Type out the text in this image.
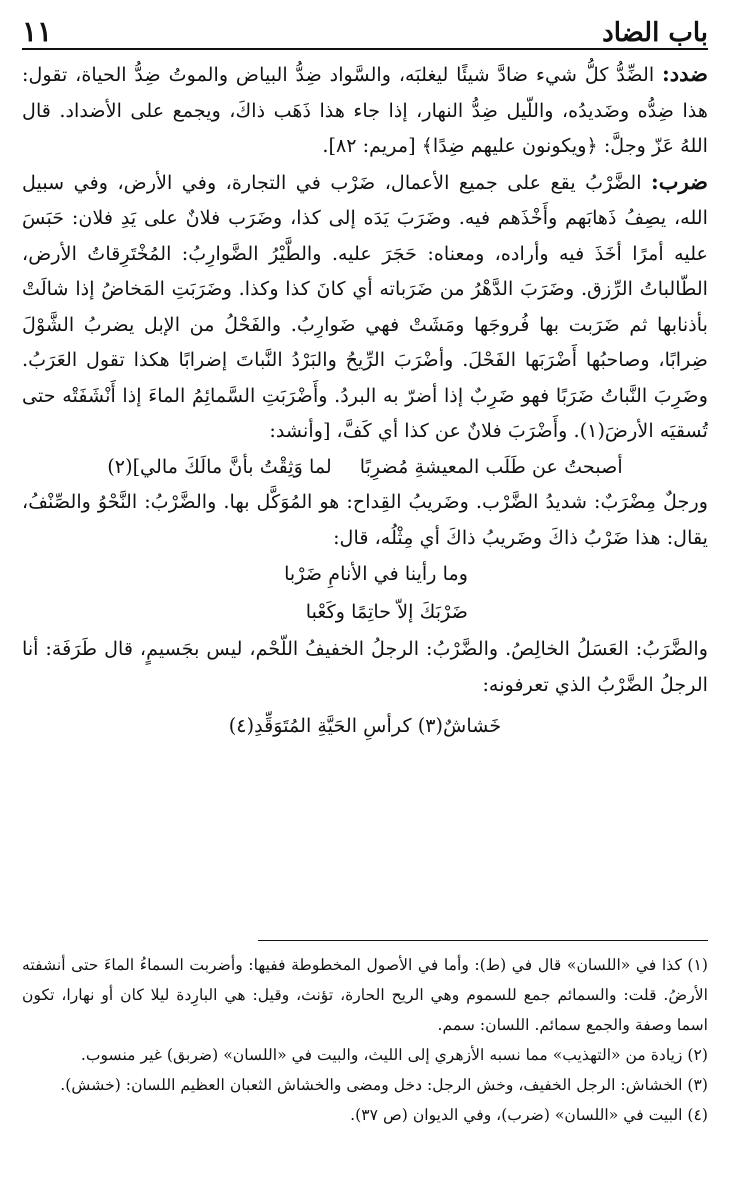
باب الضاد
١١

ضدد: الضِّدُّ كلُّ شيء ضادَّ شيئًا ليغلبَه، والسَّواد ضِدُّ البياض والموتُ ضِدُّ الحياة، تقول: هذا ضِدُّه وضَديدُه، واللّيل ضِدُّ النهار، إذا جاء هذا ذَهَب ذاكَ، ويجمع على الأضداد. قال اللهُ عَزّ وجلَّ: ﴿ويكونون عليهم ضِدًا﴾ [مريم: ٨٢].

ضرب: الضَّرْبُ يقع على جميع الأعمال، ضَرْب في التجارة، وفي الأرض، وفي سبيل الله، يصِفُ ذَهابَهم وأَخْذَهم فيه. وضَرَبَ يَدَه إلى كذا، وضَرَب فلانٌ على يَدِ فلان: حَبَسَ عليه أمرًا أخَذَ فيه وأراده، ومعناه: حَجَرَ عليه. والطَّيْرُ الضَّوارِبُ: المُخْتَرِقاتُ الأرض، الطّالباتُ الرِّزق. وضَرَبَ الدَّهْرُ من ضَرَباته أي كانَ كذا وكذا. وضَرَبَتِ المَخاضُ إذا شالَتْ بأذنابها ثم ضَرَبت بها فُروجَها ومَشَتْ فهي ضَوارِبُ. والفَحْلُ من الإبل يضربُ الشَّوْلَ ضِرابًا، وصاحبُها أَضْرَبَها الفَحْلَ. وأضْرَبَ الرِّيحُ والبَرْدُ النَّباتَ إضرابًا هكذا تقول العَرَبُ. وضَرِبَ النَّباتُ ضَرَبًا فهو ضَرِبٌ إذا أضرّ به البردُ. وأَضْرَبَتِ السَّمائِمُ الماءَ إذا أَنْشَفَتْه حتى تُسقيَه الأرضَ(١). وأَضْرَبَ فلانٌ عن كذا أي كَفَّ، [وأنشد:

أصبحتُ عن طَلَب المعيشةِ مُضرِبًا
لما وَثِقْتُ بأنَّ مالَكَ مالي](٢)

ورجلٌ مِضْرَبٌ: شديدُ الضَّرْب. وضَريبُ القِداح: هو المُوَكَّل بها. والضَّرْبُ: النَّحْوُ والصِّنْفُ، يقال: هذا ضَرْبُ ذاكَ وضَريبُ ذاكَ أي مِثْلُه، قال:

وما رأينا في الأنامِ ضَرْبا
ضَرْبَكَ إلاّ حاتِمًا وكَعْبا

والضَّرَبُ: العَسَلُ الخالِصُ. والضَّرْبُ: الرجلُ الخفيفُ اللّحْم، ليس بجَسيمٍ، قال طَرَفَة: أنا الرجلُ الضَّرْبُ الذي تعرفونه:

خَشاشٌ(٣) كرأسِ الحَيَّةِ المُتَوَقِّدِ(٤)

(١) كذا في «اللسان» قال في (ط): وأما في الأصول المخطوطة ففيها: وأضربت السماءُ الماءَ حتى أنشفته الأرضُ. قلت: والسمائم جمع للسموم وهي الريح الحارة، تؤنث، وقيل: هي البارِدة ليلا كان أو نهارا، تكون اسما وصفة والجمع سمائم. اللسان: سمم.

(٢) زيادة من «التهذيب» مما نسبه الأزهري إلى الليث، والبيت في «اللسان» (ضربق) غير منسوب.

(٣) الخشاش: الرجل الخفيف، وخش الرجل: دخل ومضى والخشاش الثعبان العظيم اللسان: (خشش).

(٤) البيت في «اللسان» (ضرب)، وفي الديوان (ص ٣٧).
